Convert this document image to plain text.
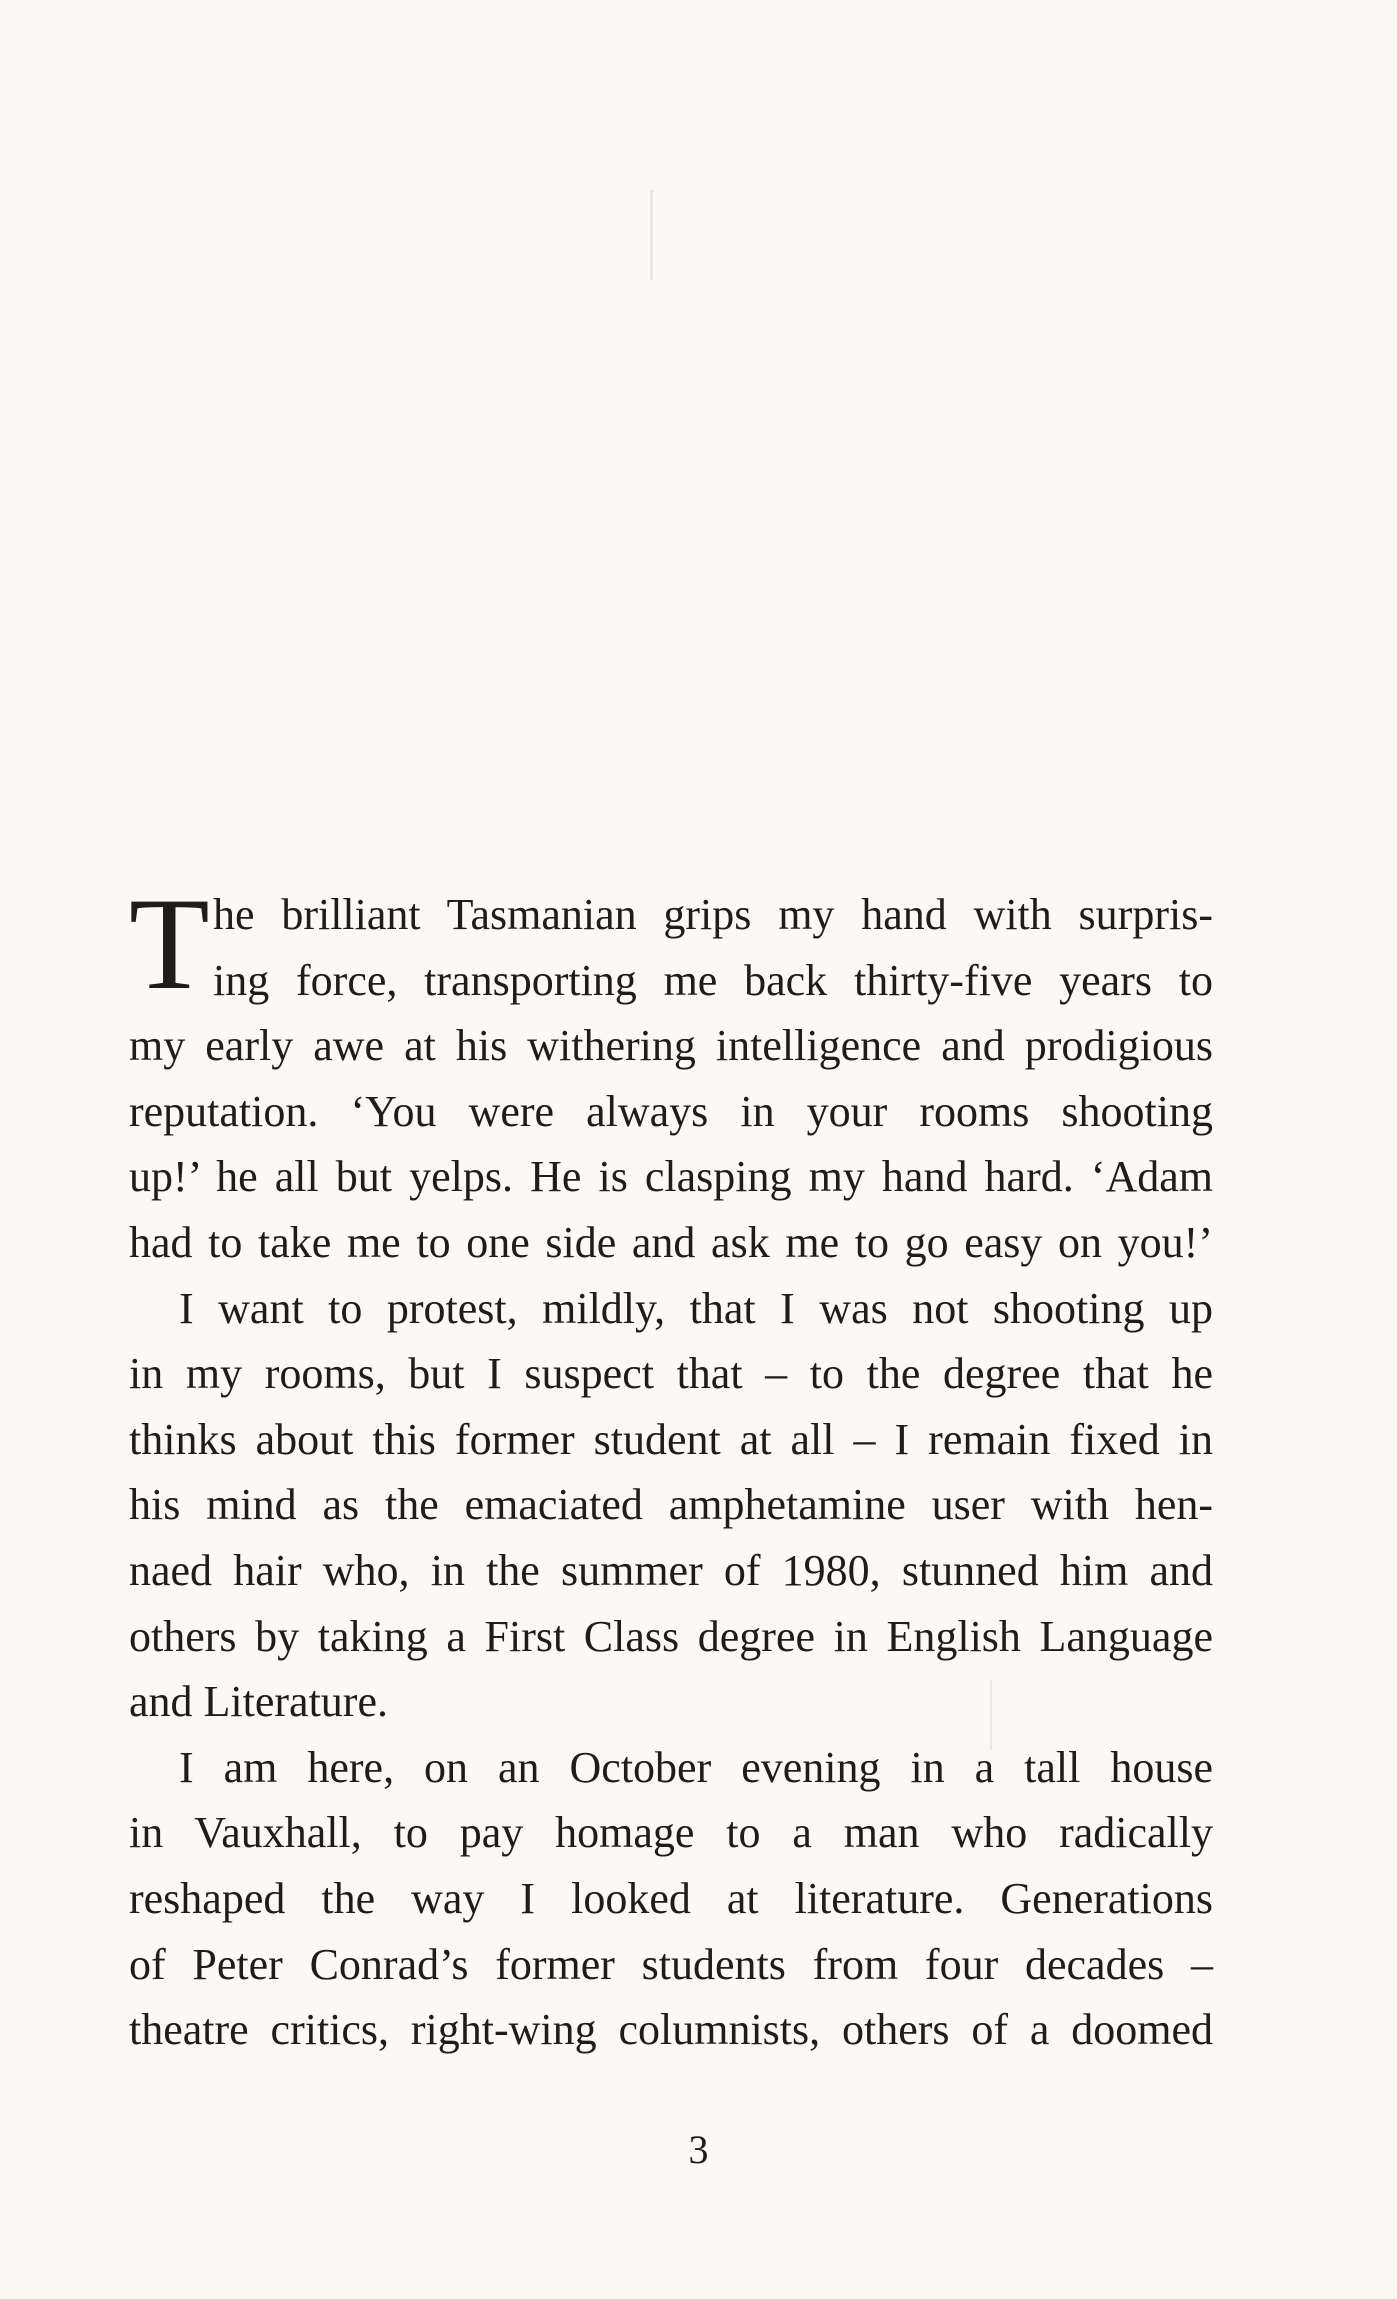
T he brilliant Tasmanian grips my hand with surpris-
ing force, transporting me back thirty-five years to
my early awe at his withering intelligence and prodigious
reputation. ‘You were always in your rooms shooting
up!’ he all but yelps. He is clasping my hand hard. ‘Adam
had to take me to one side and ask me to go easy on you!’
I want to protest, mildly, that I was not shooting up
in my rooms, but I suspect that – to the degree that he
thinks about this former student at all – I remain fixed in
his mind as the emaciated amphetamine user with hen-
naed hair who, in the summer of 1980, stunned him and
others by taking a First Class degree in English Language
and Literature.
I am here, on an October evening in a tall house
in Vauxhall, to pay homage to a man who radically
reshaped the way I looked at literature. Generations
of Peter Conrad’s former students from four decades –
theatre critics, right-wing columnists, others of a doomed
3
